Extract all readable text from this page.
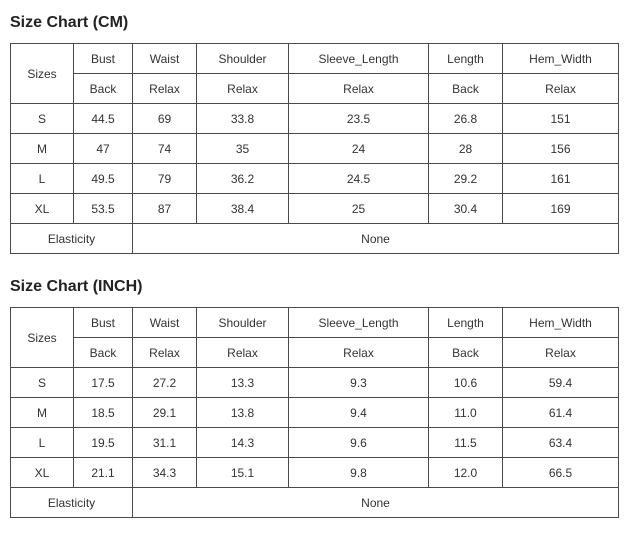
Size Chart (CM)
Sizes	Bust	Waist	Shoulder	Sleeve_Length	Length	Hem_Width
	Back	Relax	Relax	Relax	Back	Relax
S	44.5	69	33.8	23.5	26.8	151
M	47	74	35	24	28	156
L	49.5	79	36.2	24.5	29.2	161
XL	53.5	87	38.4	25	30.4	169
Elasticity		None				
Size Chart (INCH)
Sizes	Bust	Waist	Shoulder	Sleeve_Length	Length	Hem_Width
	Back	Relax	Relax	Relax	Back	Relax
S	17.5	27.2	13.3	9.3	10.6	59.4
M	18.5	29.1	13.8	9.4	11.0	61.4
L	19.5	31.1	14.3	9.6	11.5	63.4
XL	21.1	34.3	15.1	9.8	12.0	66.5
Elasticity		None				
